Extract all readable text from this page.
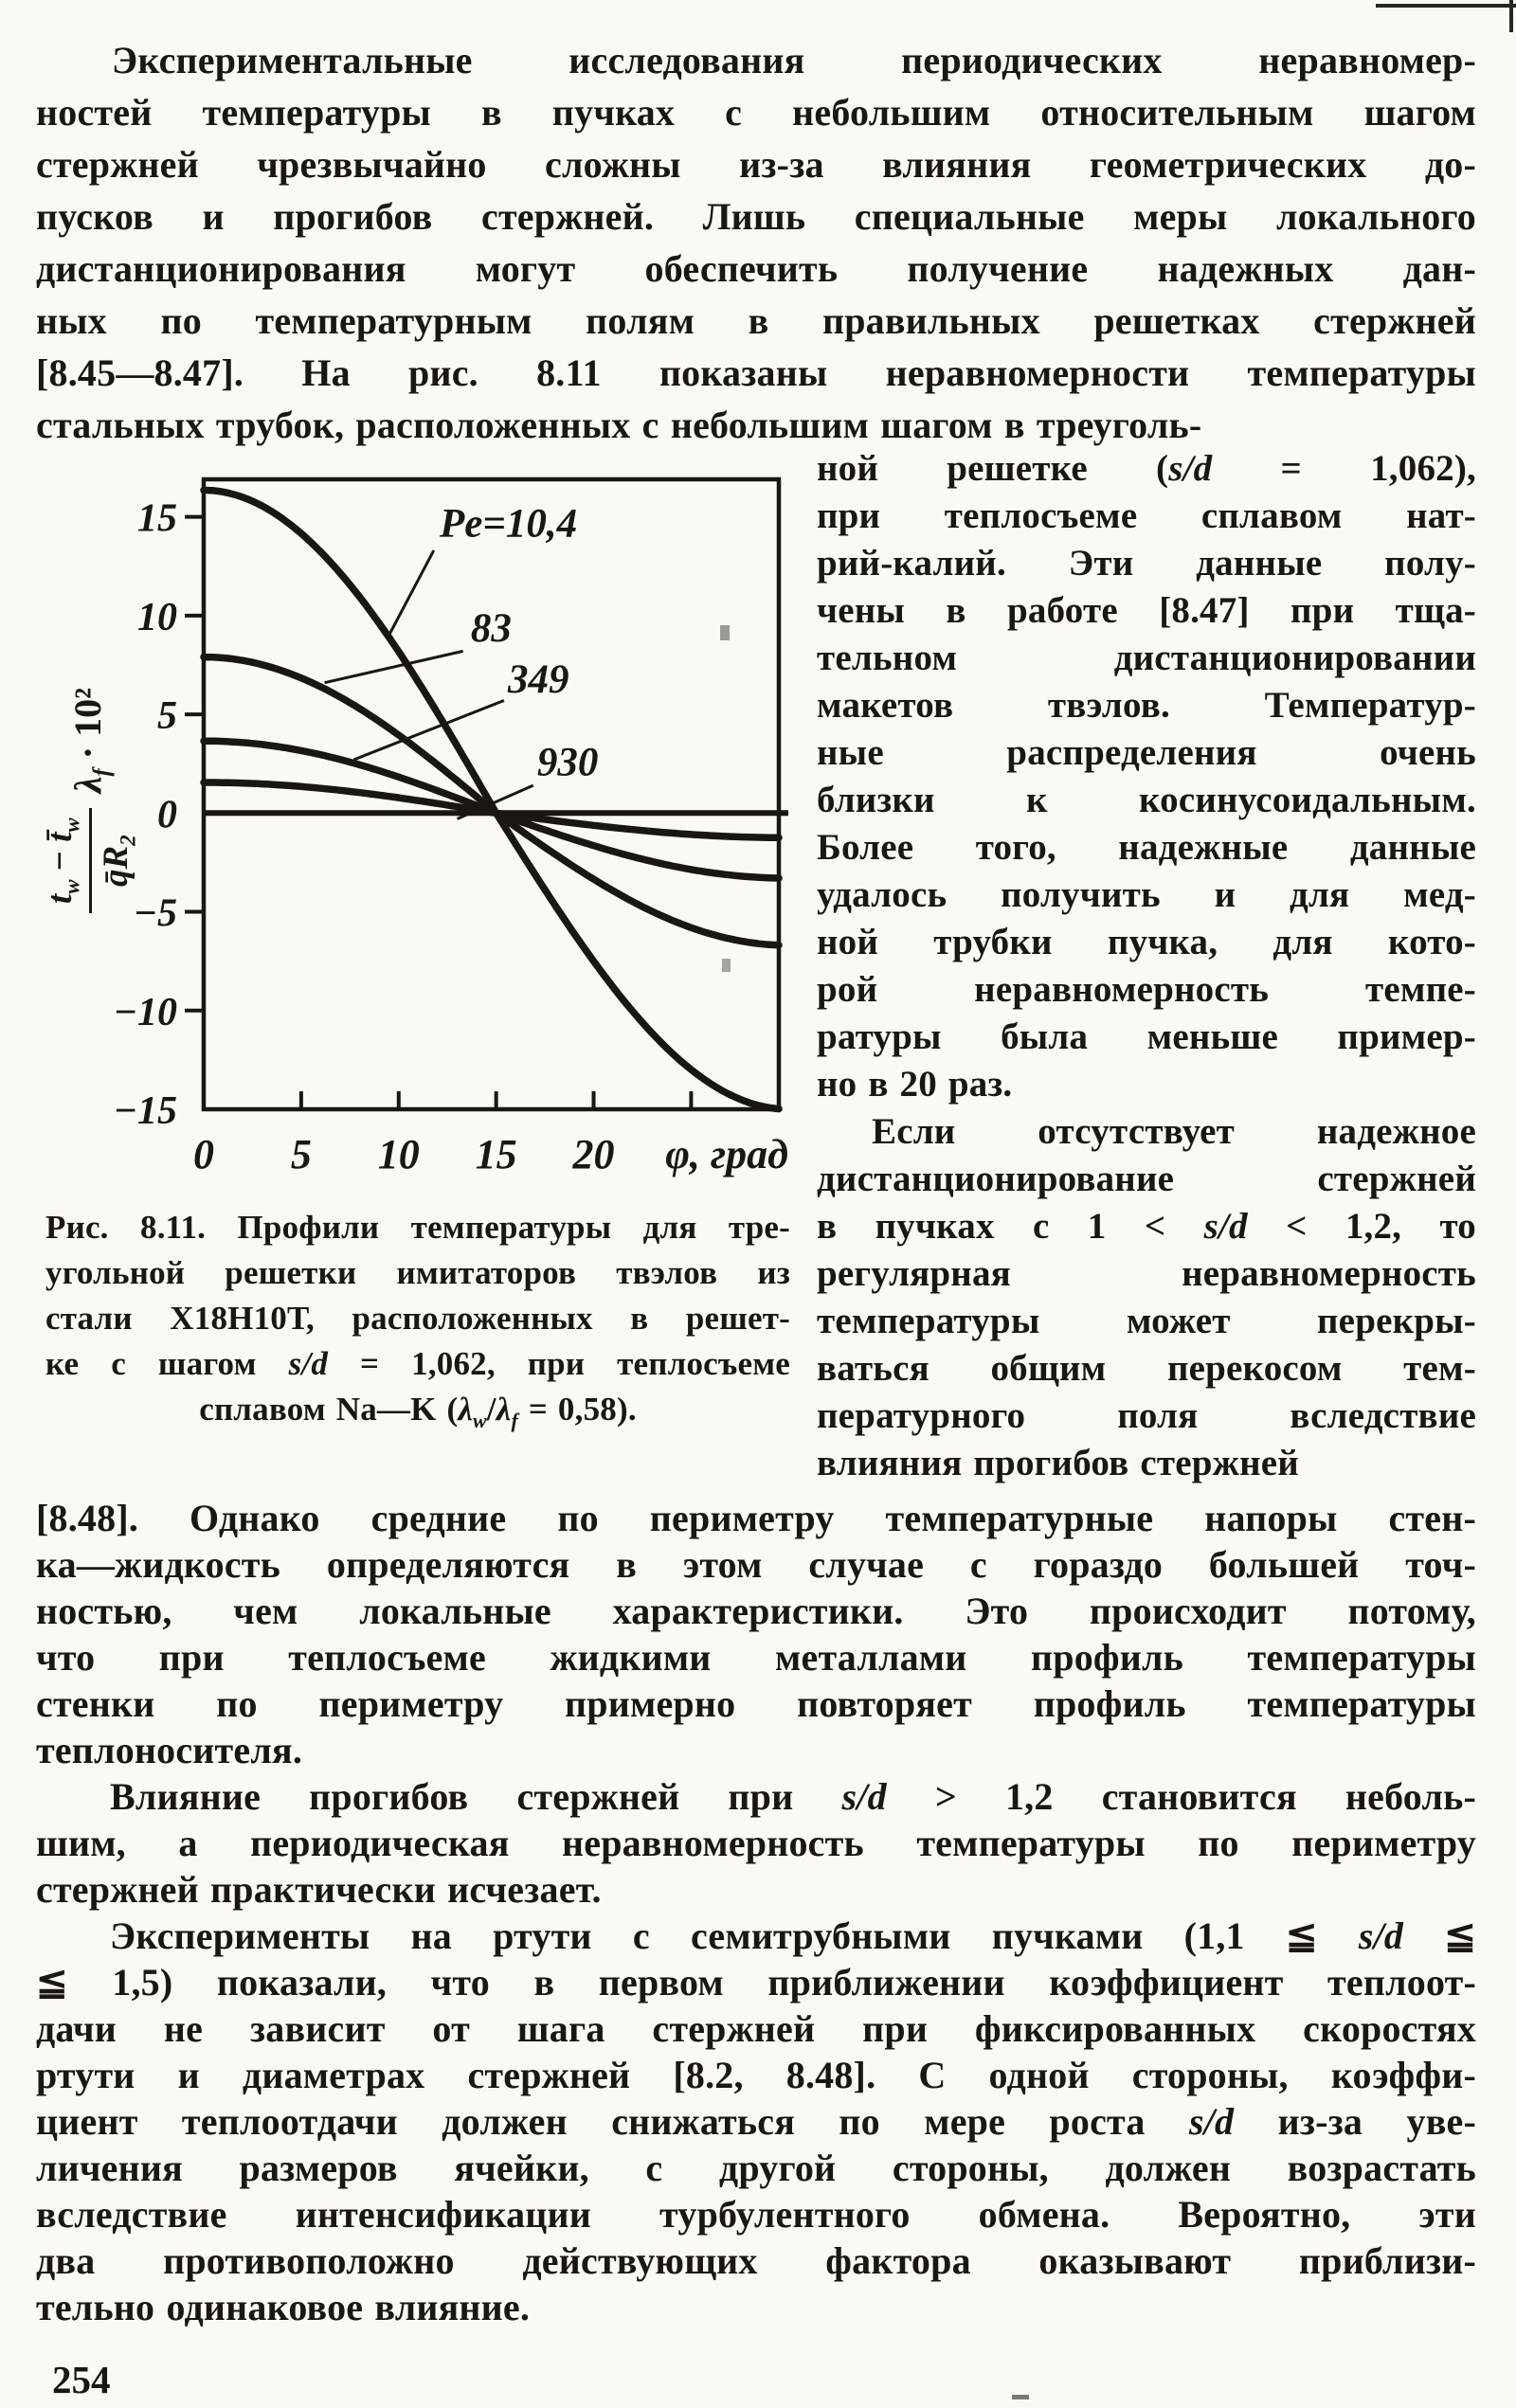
Экспериментальные исследования периодических неравномер-
ностей температуры в пучках с небольшим относительным шагом
стержней чрезвычайно сложны из-за влияния геометрических до-
пусков и прогибов стержней. Лишь специальные меры локального
дистанционирования могут обеспечить получение надежных дан-
ных по температурным полям в правильных решетках стержней
[8.45—8.47]. На рис. 8.11 показаны неравномерности температуры
стальных трубок, расположенных с небольшим шагом в треуголь-
0 5 10 15 20 φ, град
15
10
5
0
−5
−10
−15
Pe=10,4
83
349
930
$t_w$ − $t̄_w$
$q̄R_2$
$\lambda_f \cdot 10^2$
Рис. 8.11. Профили температуры для тре-
угольной решетки имитаторов твэлов из
стали Х18Н10Т, расположенных в решет-
ке с шагом s/d = 1,062, при теплосъеме
сплавом Na—K $(\lambda_w/\lambda_f = 0,58)$.
ной решетке (s/d = 1,062),
при теплосъеме сплавом нат-
рий-калий. Эти данные полу-
чены в работе [8.47] при тща-
тельном дистанционировании
макетов твэлов. Температур-
ные распределения очень
близки к косинусоидальным.
Более того, надежные данные
удалось получить и для мед-
ной трубки пучка, для кото-
рой неравномерность темпе-
ратуры была меньше пример-
но в 20 раз.
Если отсутствует надежное
дистанционирование стержней
в пучках с 1 < s/d < 1,2, то
регулярная неравномерность
температуры может перекры-
ваться общим перекосом тем-
пературного поля вследствие
влияния прогибов стержней
[8.48]. Однако средние по периметру температурные напоры стен-
ка—жидкость определяются в этом случае с гораздо большей точ-
ностью, чем локальные характеристики. Это происходит потому,
что при теплосъеме жидкими металлами профиль температуры
стенки по периметру примерно повторяет профиль температуры
теплоносителя.
Влияние прогибов стержней при s/d > 1,2 становится неболь-
шим, а периодическая неравномерность температуры по периметру
стержней практически исчезает.
Эксперименты на ртути с семитрубными пучками (1,1 ≦ s/d ≦
≦ 1,5) показали, что в первом приближении коэффициент теплоот-
дачи не зависит от шага стержней при фиксированных скоростях
ртути и диаметрах стержней [8.2, 8.48]. С одной стороны, коэффи-
циент теплоотдачи должен снижаться по мере роста s/d из-за уве-
личения размеров ячейки, с другой стороны, должен возрастать
вследствие интенсификации турбулентного обмена. Вероятно, эти
два противоположно действующих фактора оказывают приблизи-
тельно одинаковое влияние.
254
